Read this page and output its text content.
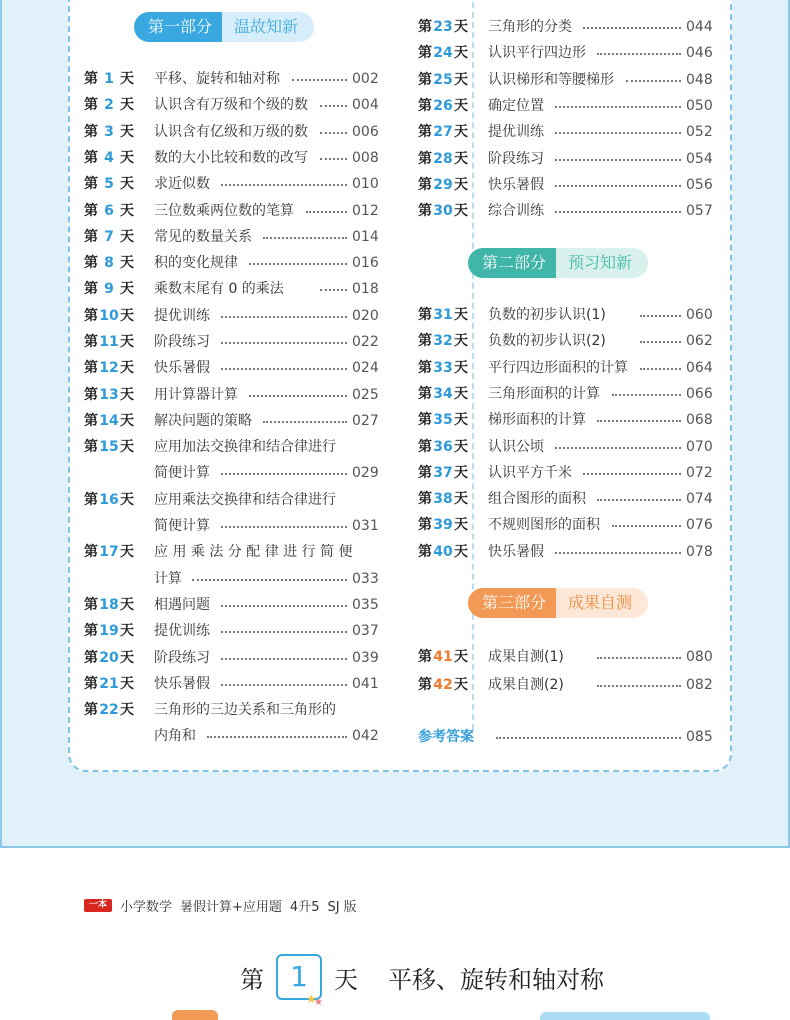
第一部分	温故知新
第二部分	预习知新
第三部分	成果自测
第 1 天 平移、旋转和轴对称	002
第 2 天 认识含有万级和个级的数	004
第 3 天 认识含有亿级和万级的数	006
第 4 天 数的大小比较和数的改写	008
第 5 天 求近似数	010
第 6 天 三位数乘两位数的笔算	012
第 7 天 常见的数量关系	014
第 8 天 积的变化规律	016
第 9 天 乘数末尾有 0 的乘法	018
第10天 提优训练	020
第11天 阶段练习	022
第12天 快乐暑假	024
第13天 用计算器计算	025
第14天 解决问题的策略	027
第15天 应用加法交换律和结合律进行
简便计算	029
第16天 应用乘法交换律和结合律进行
简便计算	031
第17天 应 用 乘 法 分 配 律 进 行 简 便
计算	033
第18天 相遇问题	035
第19天 提优训练	037
第20天 阶段练习	039
第21天 快乐暑假	041
第22天 三角形的三边关系和三角形的
内角和	042
第23天 三角形的分类	044
第24天 认识平行四边形	046
第25天 认识梯形和等腰梯形	048
第26天 确定位置	050
第27天 提优训练	052
第28天 阶段练习	054
第29天 快乐暑假	056
第30天 综合训练	057
第31天 负数的初步认识(1)	060
第32天 负数的初步认识(2)	062
第33天 平行四边形面积的计算	064
第34天 三角形面积的计算	066
第35天 梯形面积的计算	068
第36天 认识公顷	070
第37天 认识平方千米	072
第38天 组合图形的面积	074
第39天 不规则图形的面积	076
第40天 快乐暑假	078
第41天 成果自测(1)	080
第42天 成果自测(2)	082
参考答案	085
一本	小学数学 暑假计算+应用题 4升5 SJ 版
第 1
★
★
天 平移、旋转和轴对称
